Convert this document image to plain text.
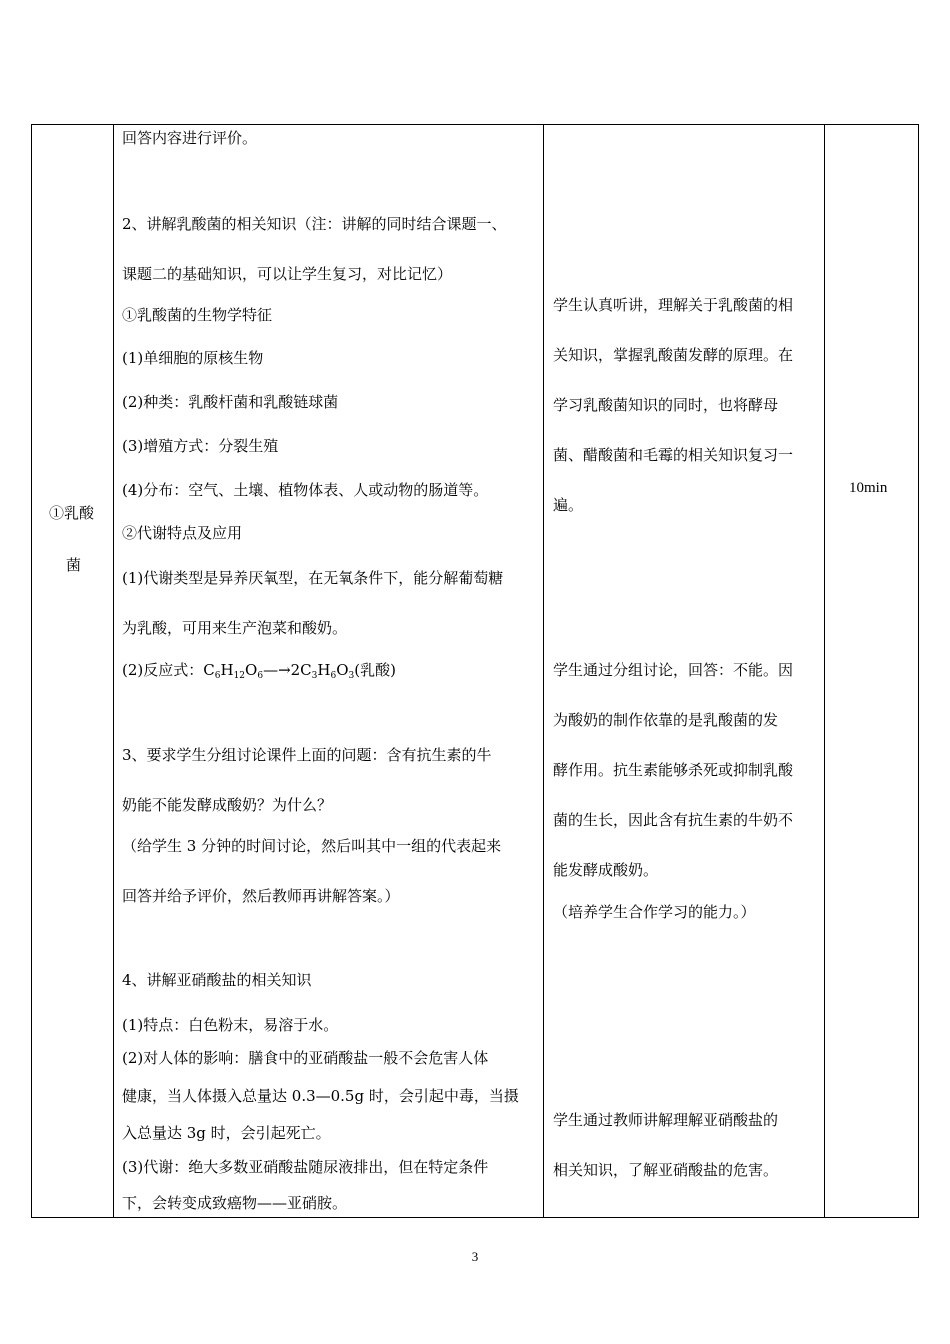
①乳酸
菌
回答内容进行评价。
2、讲解乳酸菌的相关知识（注：讲解的同时结合课题一、
课题二的基础知识，可以让学生复习，对比记忆）
①乳酸菌的生物学特征
(1)单细胞的原核生物
(2)种类：乳酸杆菌和乳酸链球菌
(3)增殖方式：分裂生殖
(4)分布：空气、土壤、植物体表、人或动物的肠道等。
②代谢特点及应用
(1)代谢类型是异养厌氧型，在无氧条件下，能分解葡萄糖
为乳酸，可用来生产泡菜和酸奶。
(2)反应式：$C_6H_{12}O_6—\to 2C_3H_6O_3$(乳酸)
3、要求学生分组讨论课件上面的问题：含有抗生素的牛
奶能不能发酵成酸奶？为什么？
（给学生 3 分钟的时间讨论，然后叫其中一组的代表起来
回答并给予评价，然后教师再讲解答案。）
4、讲解亚硝酸盐的相关知识
(1)特点：白色粉末，易溶于水。
(2)对人体的影响：膳食中的亚硝酸盐一般不会危害人体
健康，当人体摄入总量达 0.3—0.5g 时，会引起中毒，当摄
入总量达 3g 时，会引起死亡。
(3)代谢：绝大多数亚硝酸盐随尿液排出，但在特定条件
下，会转变成致癌物——亚硝胺。
学生认真听讲，理解关于乳酸菌的相
关知识，掌握乳酸菌发酵的原理。在
学习乳酸菌知识的同时，也将酵母
菌、醋酸菌和毛霉的相关知识复习一
遍。
学生通过分组讨论，回答：不能。因
为酸奶的制作依靠的是乳酸菌的发
酵作用。抗生素能够杀死或抑制乳酸
菌的生长，因此含有抗生素的牛奶不
能发酵成酸奶。
（培养学生合作学习的能力。）
学生通过教师讲解理解亚硝酸盐的
相关知识，了解亚硝酸盐的危害。
10min
3
